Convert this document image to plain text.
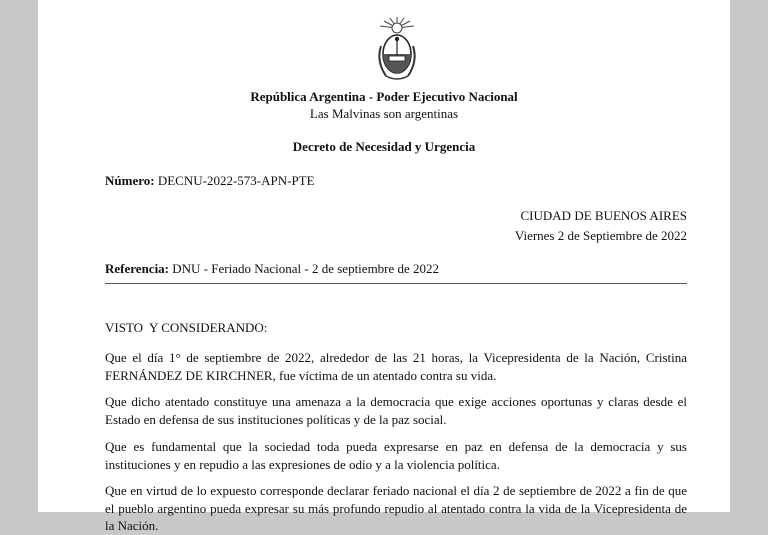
República Argentina - Poder Ejecutivo Nacional
Las Malvinas son argentinas
Decreto de Necesidad y Urgencia
Número: DECNU-2022-573-APN-PTE
CIUDAD DE BUENOS AIRES
Viernes 2 de Septiembre de 2022
Referencia: DNU - Feriado Nacional - 2 de septiembre de 2022
VISTO  Y CONSIDERANDO:
Que el día 1° de septiembre de 2022, alrededor de las 21 horas, la Vicepresidenta de la Nación, Cristina FERNÁNDEZ DE KIRCHNER, fue víctima de un atentado contra su vida.
Que dicho atentado constituye una amenaza a la democracia que exige acciones oportunas y claras desde el Estado en defensa de sus instituciones políticas y de la paz social.
Que es fundamental que la sociedad toda pueda expresarse en paz en defensa de la democracia y sus instituciones y en repudio a las expresiones de odio y a la violencia política.
Que en virtud de lo expuesto corresponde declarar feriado nacional el día 2 de septiembre de 2022 a fin de que el pueblo argentino pueda expresar su más profundo repudio al atentado contra la vida de la Vicepresidenta de la Nación.
